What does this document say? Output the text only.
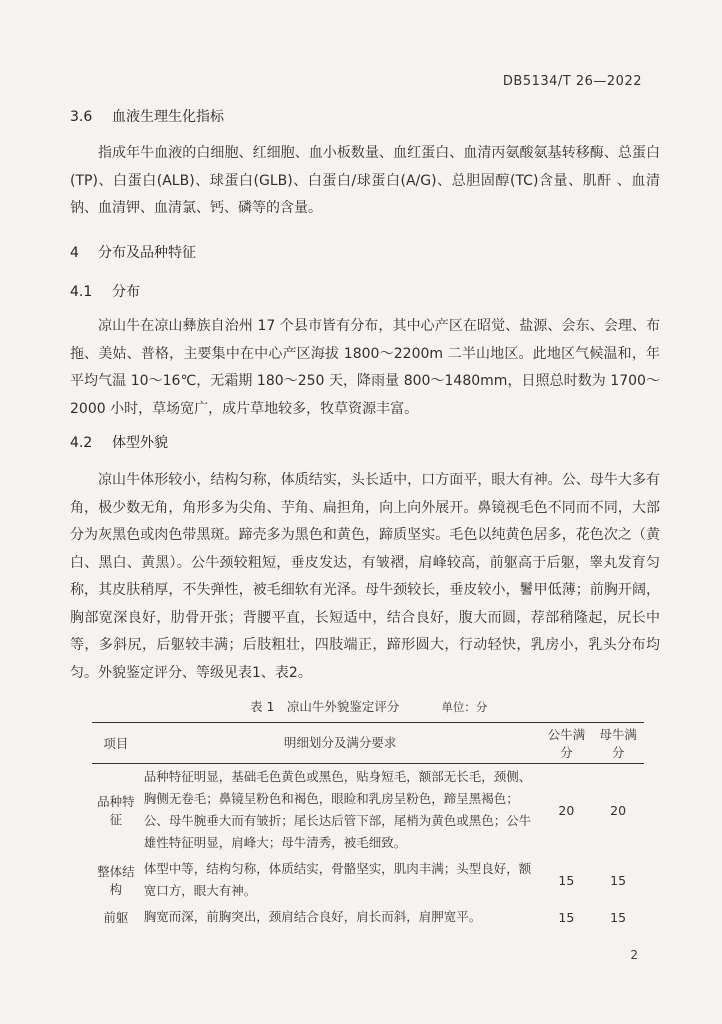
DB5134/T 26—2022
3.6 血液生理生化指标

指成年牛血液的白细胞、红细胞、血小板数量、血红蛋白、血清丙氨酸氨基转移酶、总蛋白(TP)、白蛋白(ALB)、球蛋白(GLB)、白蛋白/球蛋白(A/G)、总胆固醇(TC)含量、肌酐 、血清钠、血清钾、血清氯、钙、磷等的含量。

4 分布及品种特征
4.1 分布

凉山牛在凉山彝族自治州 17 个县市皆有分布，其中心产区在昭觉、盐源、会东、会理、布拖、美姑、普格，主要集中在中心产区海拔 1800～2200m 二半山地区。此地区气候温和，年平均气温 10～16℃，无霜期 180～250 天，降雨量 800～1480mm，日照总时数为 1700～2000 小时，草场宽广，成片草地较多，牧草资源丰富。

4.2 体型外貌

凉山牛体形较小，结构匀称，体质结实，头长适中，口方面平，眼大有神。公、母牛大多有角，极少数无角，角形多为尖角、芋角、扁担角，向上向外展开。鼻镜视毛色不同而不同，大部分为灰黑色或肉色带黑斑。蹄壳多为黑色和黄色，蹄质坚实。毛色以纯黄色居多，花色次之（黄白、黑白、黄黑）。公牛颈较粗短，垂皮发达，有皱褶，肩峰较高，前躯高于后躯，睾丸发育匀称，其皮肤稍厚，不失弹性，被毛细软有光泽。母牛颈较长，垂皮较小，鬐甲低薄；前胸开阔，胸部宽深良好，肋骨开张；背腰平直，长短适中，结合良好，腹大而圆，荐部稍隆起，尻长中等，多斜尻，后躯较丰满；后肢粗壮，四肢端正，蹄形圆大，行动轻快，乳房小，乳头分布均匀。外貌鉴定评分、等级见表1、表2。

表 1　凉山牛外貌鉴定评分	单位：分
项目	明细划分及满分要求	公牛满分	母牛满分
品种特征	品种特征明显，基础毛色黄色或黑色，贴身短毛，额部无长毛，颈侧、胸侧无卷毛；鼻镜呈粉色和褐色，眼睑和乳房呈粉色，蹄呈黑褐色；公、母牛腕垂大而有皱折；尾长达后管下部，尾梢为黄色或黑色；公牛雄性特征明显，肩峰大；母牛清秀，被毛细致。	20	20
整体结构	体型中等，结构匀称，体质结实，骨骼坚实，肌肉丰满；头型良好，额宽口方，眼大有神。	15	15
前躯	胸宽而深，前胸突出，颈肩结合良好，肩长而斜，肩胛宽平。	15	15
2
